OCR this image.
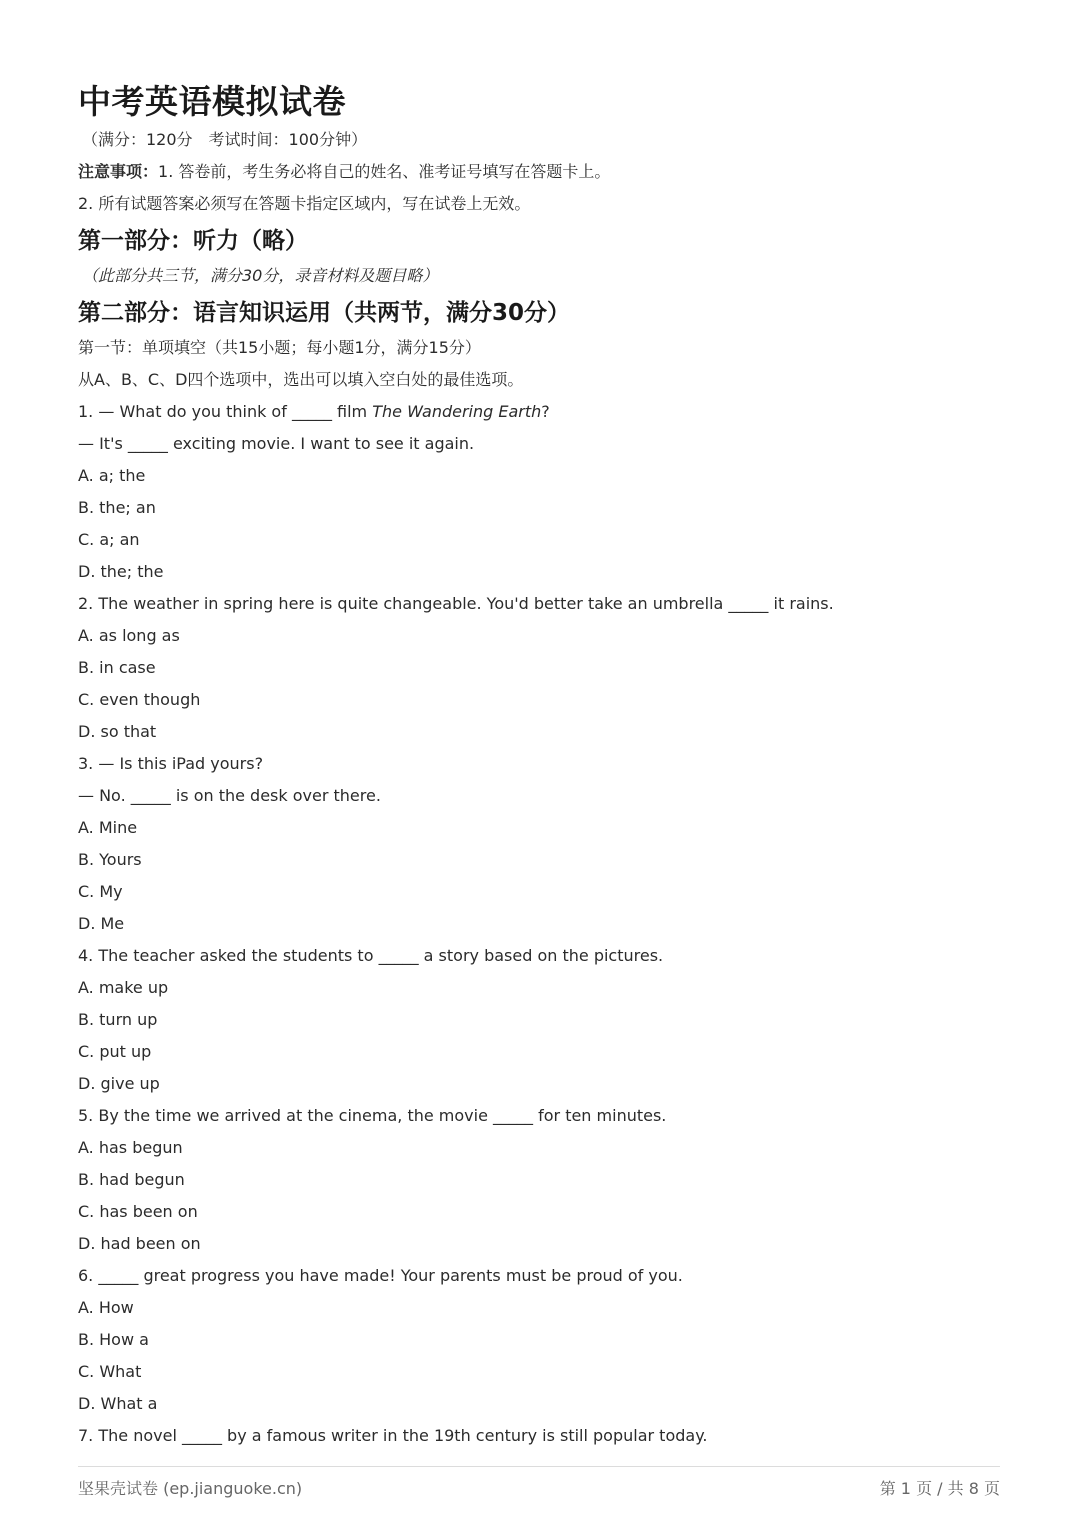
中考英语模拟试卷
（满分：120分　考试时间：100分钟）
注意事项：1. 答卷前，考生务必将自己的姓名、准考证号填写在答题卡上。
2. 所有试题答案必须写在答题卡指定区域内，写在试卷上无效。
第一部分：听力（略）
（此部分共三节，满分30分，录音材料及题目略）
第二部分：语言知识运用（共两节，满分30分）
第一节：单项填空（共15小题；每小题1分，满分15分）
从A、B、C、D四个选项中，选出可以填入空白处的最佳选项。
1. — What do you think of _____ film The Wandering Earth?
— It's _____ exciting movie. I want to see it again.
A. a; the
B. the; an
C. a; an
D. the; the
2. The weather in spring here is quite changeable. You'd better take an umbrella _____ it rains.
A. as long as
B. in case
C. even though
D. so that
3. — Is this iPad yours?
— No. _____ is on the desk over there.
A. Mine
B. Yours
C. My
D. Me
4. The teacher asked the students to _____ a story based on the pictures.
A. make up
B. turn up
C. put up
D. give up
5. By the time we arrived at the cinema, the movie _____ for ten minutes.
A. has begun
B. had begun
C. has been on
D. had been on
6. _____ great progress you have made! Your parents must be proud of you.
A. How
B. How a
C. What
D. What a
7. The novel _____ by a famous writer in the 19th century is still popular today.
坚果壳试卷 (ep.jianguoke.cn)	第 1 页 / 共 8 页
